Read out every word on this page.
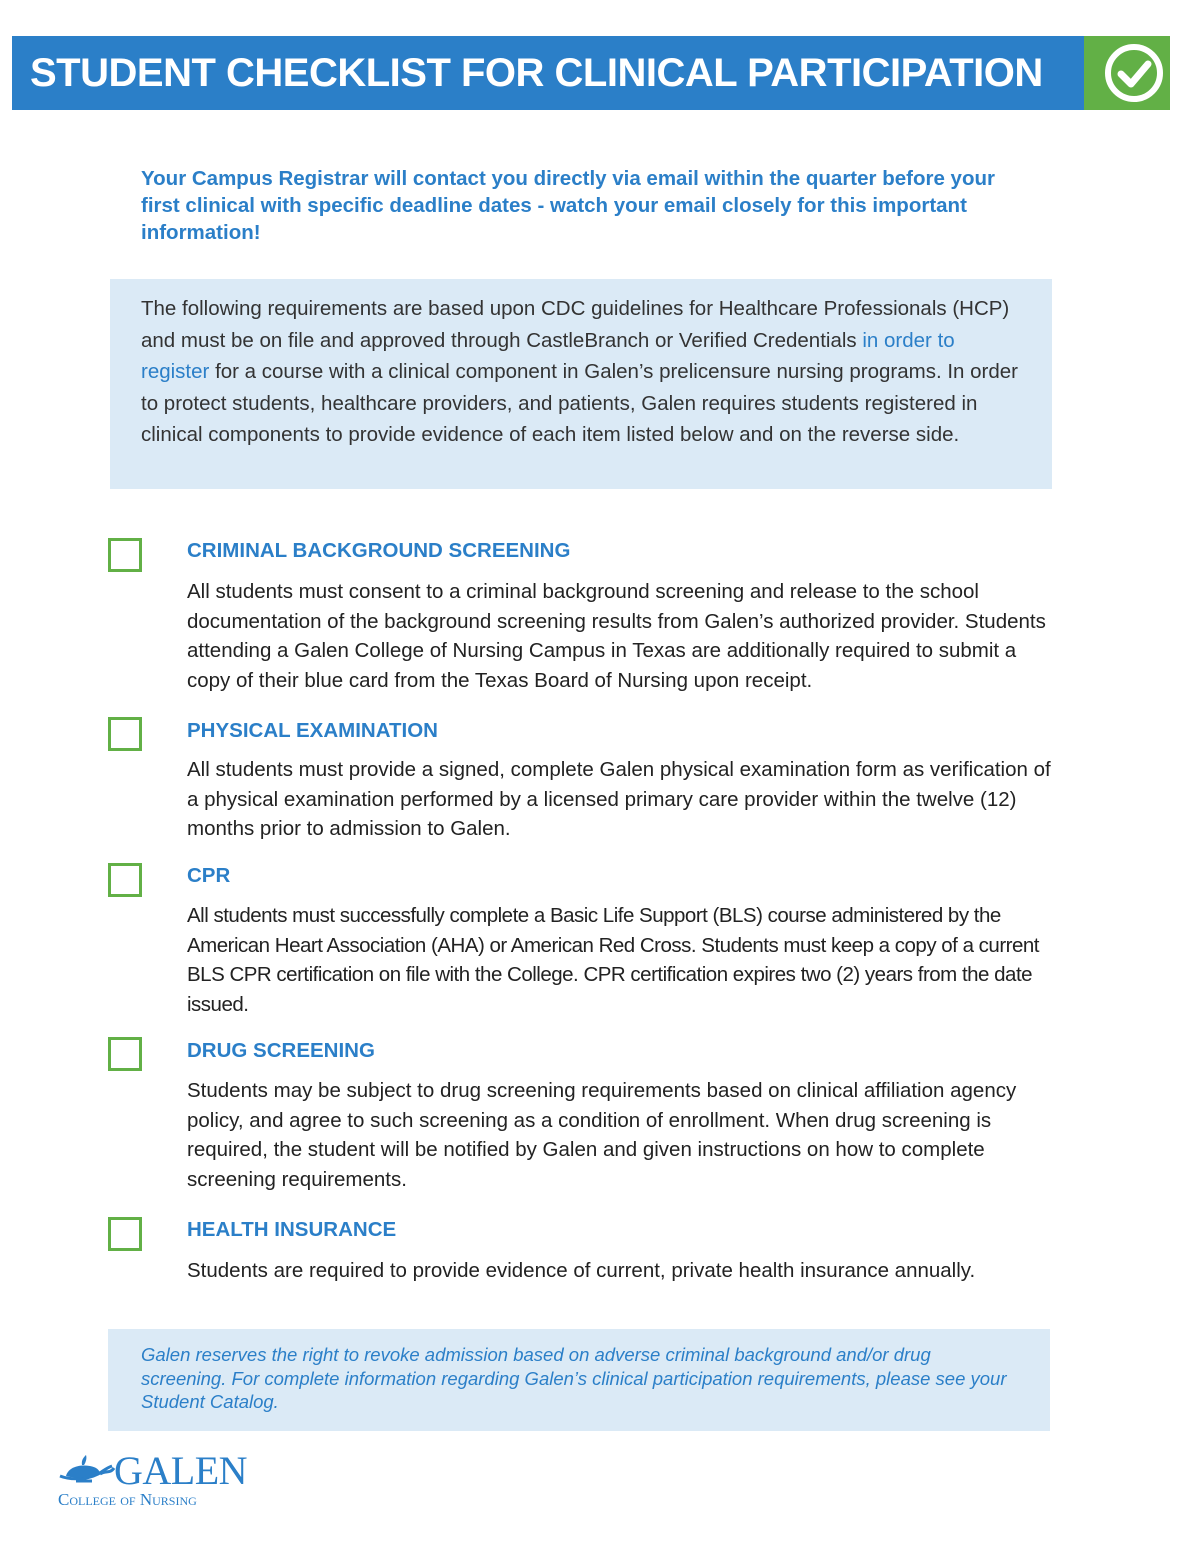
STUDENT CHECKLIST FOR CLINICAL PARTICIPATION
Your Campus Registrar will contact you directly via email within the quarter before your first clinical with specific deadline dates - watch your email closely for this important information!
The following requirements are based upon CDC guidelines for Healthcare Professionals (HCP) and must be on file and approved through CastleBranch or Verified Credentials in order to register for a course with a clinical component in Galen’s prelicensure nursing programs. In order to protect students, healthcare providers, and patients, Galen requires students registered in clinical components to provide evidence of each item listed below and on the reverse side.
CRIMINAL BACKGROUND SCREENING
All students must consent to a criminal background screening and release to the school documentation of the background screening results from Galen’s authorized provider. Students attending a Galen College of Nursing Campus in Texas are additionally required to submit a copy of their blue card from the Texas Board of Nursing upon receipt.
PHYSICAL EXAMINATION
All students must provide a signed, complete Galen physical examination form as verification of a physical examination performed by a licensed primary care provider within the twelve (12) months prior to admission to Galen.
CPR
All students must successfully complete a Basic Life Support (BLS) course administered by the American Heart Association (AHA) or American Red Cross. Students must keep a copy of a current BLS CPR certification on file with the College. CPR certification expires two (2) years from the date issued.
DRUG SCREENING
Students may be subject to drug screening requirements based on clinical affiliation agency policy, and agree to such screening as a condition of enrollment. When drug screening is required, the student will be notified by Galen and given instructions on how to complete screening requirements.
HEALTH INSURANCE
Students are required to provide evidence of current, private health insurance annually.
Galen reserves the right to revoke admission based on adverse criminal background and/or drug screening. For complete information regarding Galen’s clinical participation requirements, please see your Student Catalog.
GALEN
College of Nursing
